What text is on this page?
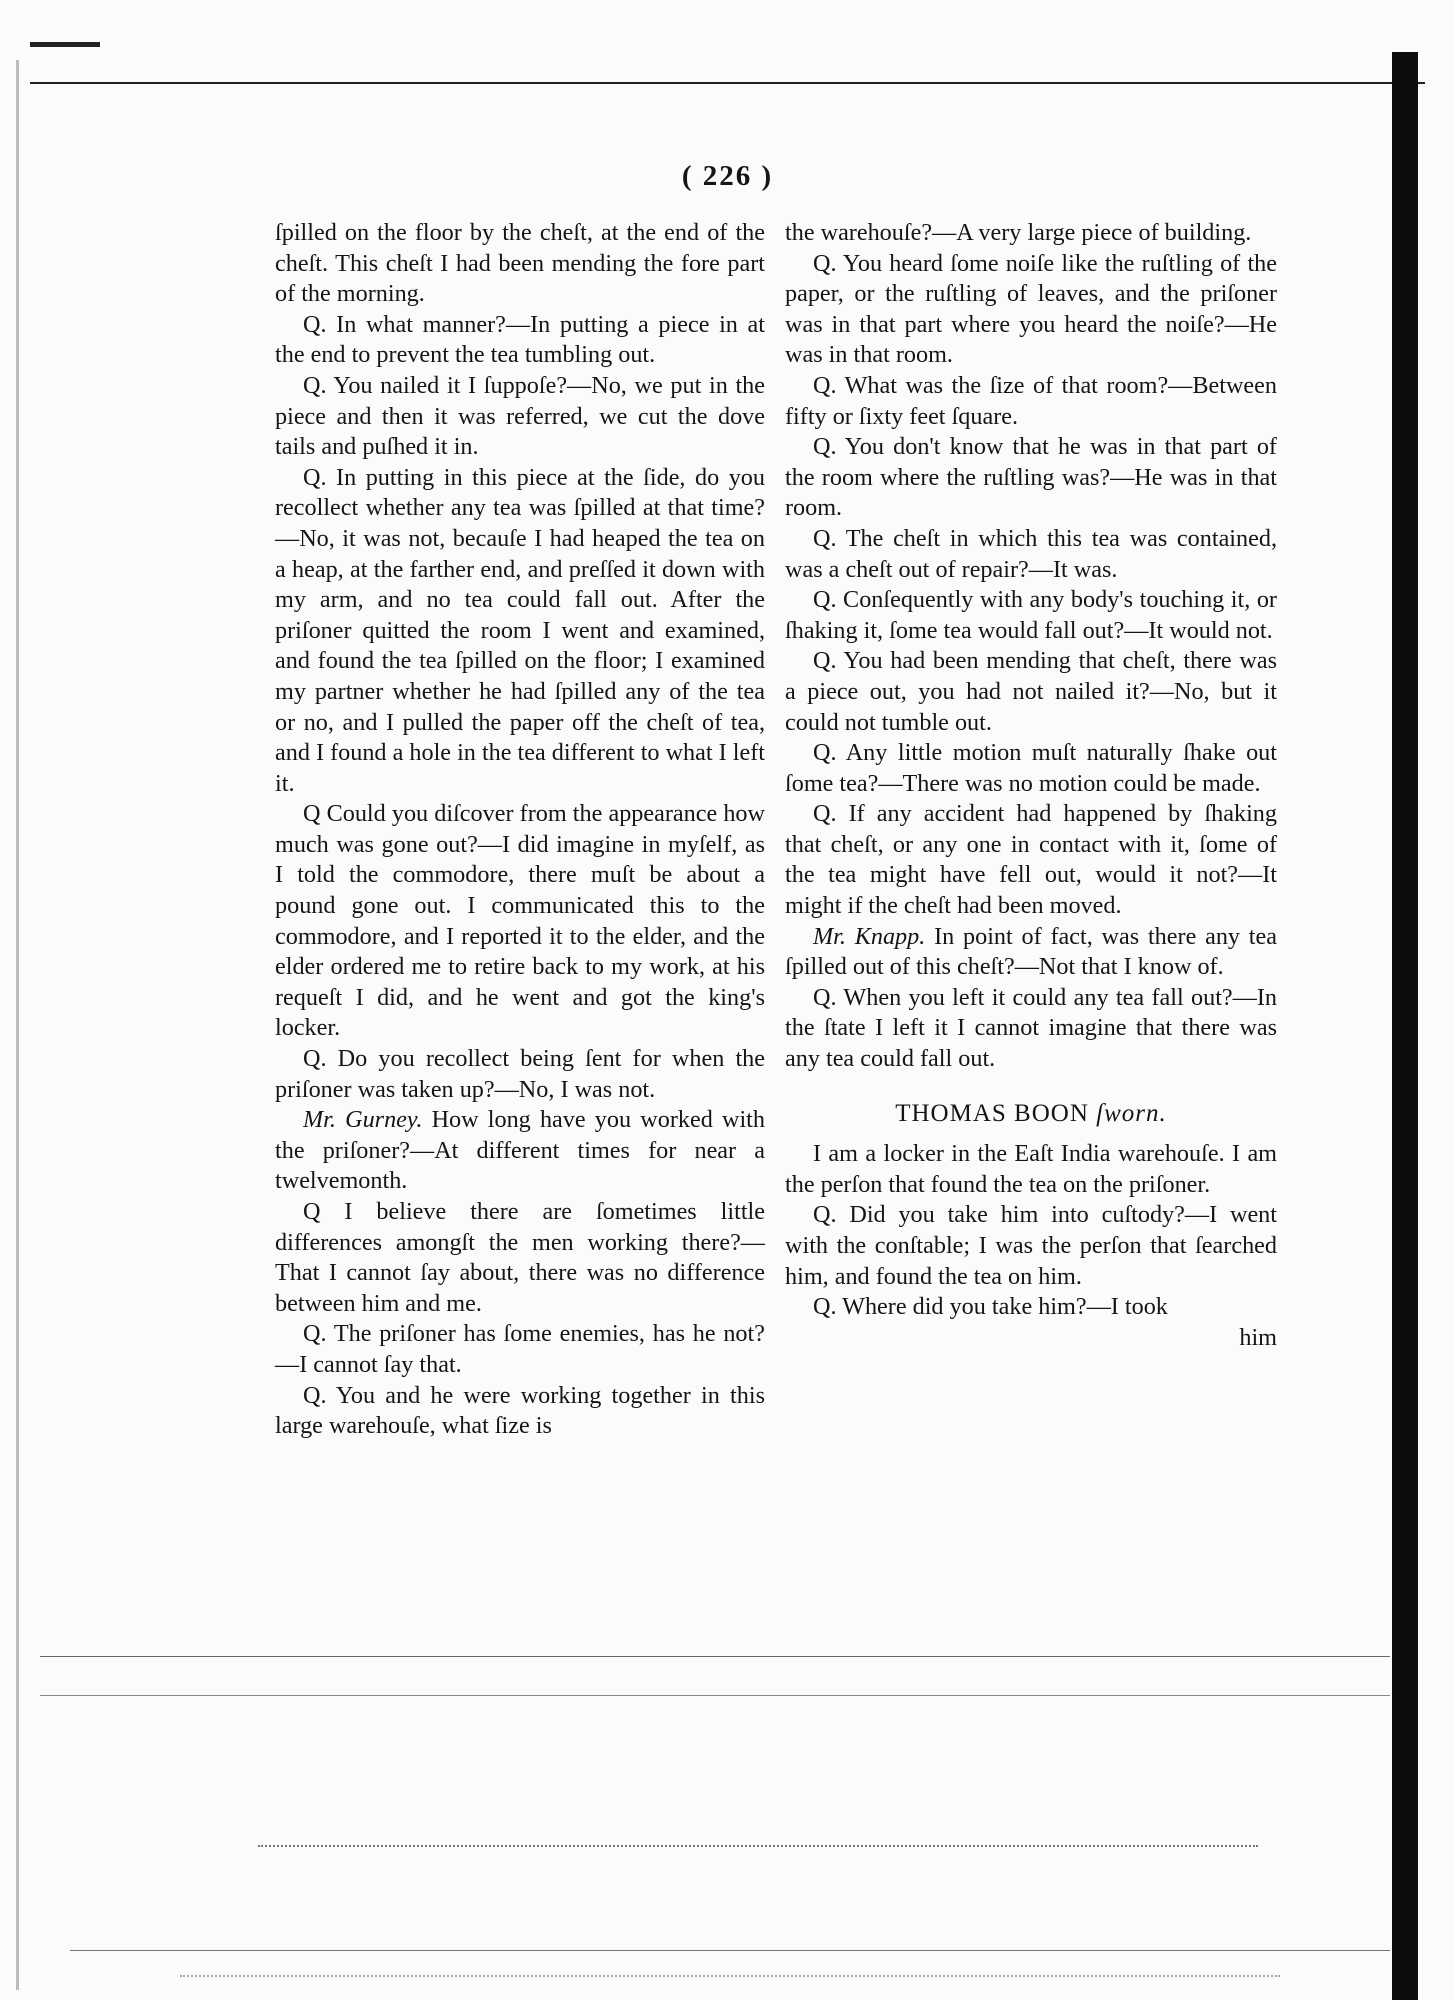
( 226 )

ſpilled on the floor by the cheſt, at the end of the cheſt. This cheſt I had been mending the fore part of the morning.

Q. In what manner?—In putting a piece in at the end to prevent the tea tumbling out.

Q. You nailed it I ſuppoſe?—No, we put in the piece and then it was referred, we cut the dove tails and puſhed it in.

Q. In putting in this piece at the ſide, do you recollect whether any tea was ſpilled at that time?—No, it was not, becauſe I had heaped the tea on a heap, at the farther end, and preſſed it down with my arm, and no tea could fall out. After the priſoner quitted the room I went and examined, and found the tea ſpilled on the floor; I examined my partner whether he had ſpilled any of the tea or no, and I pulled the paper off the cheſt of tea, and I found a hole in the tea different to what I left it.

Q Could you diſcover from the appearance how much was gone out?—I did imagine in myſelf, as I told the commodore, there muſt be about a pound gone out. I communicated this to the commodore, and I reported it to the elder, and the elder ordered me to retire back to my work, at his requeſt I did, and he went and got the king's locker.

Q. Do you recollect being ſent for when the priſoner was taken up?—No, I was not.

Mr. Gurney. How long have you worked with the priſoner?—At different times for near a twelvemonth.

Q I believe there are ſometimes little differences amongſt the men working there?—That I cannot ſay about, there was no difference between him and me.

Q. The priſoner has ſome enemies, has he not?—I cannot ſay that.

Q. You and he were working together in this large warehouſe, what ſize is

the warehouſe?—A very large piece of building.

Q. You heard ſome noiſe like the ruſtling of the paper, or the ruſtling of leaves, and the priſoner was in that part where you heard the noiſe?—He was in that room.

Q. What was the ſize of that room?—Between fifty or ſixty feet ſquare.

Q. You don't know that he was in that part of the room where the ruſtling was?—He was in that room.

Q. The cheſt in which this tea was contained, was a cheſt out of repair?—It was.

Q. Conſequently with any body's touching it, or ſhaking it, ſome tea would fall out?—It would not.

Q. You had been mending that cheſt, there was a piece out, you had not nailed it?—No, but it could not tumble out.

Q. Any little motion muſt naturally ſhake out ſome tea?—There was no motion could be made.

Q. If any accident had happened by ſhaking that cheſt, or any one in contact with it, ſome of the tea might have fell out, would it not?—It might if the cheſt had been moved.

Mr. Knapp. In point of fact, was there any tea ſpilled out of this cheſt?—Not that I know of.

Q. When you left it could any tea fall out?—In the ſtate I left it I cannot imagine that there was any tea could fall out.

THOMAS BOON ſworn.

I am a locker in the Eaſt India warehouſe. I am the perſon that found the tea on the priſoner.

Q. Did you take him into cuſtody?—I went with the conſtable; I was the perſon that ſearched him, and found the tea on him.

Q. Where did you take him?—I took

him
